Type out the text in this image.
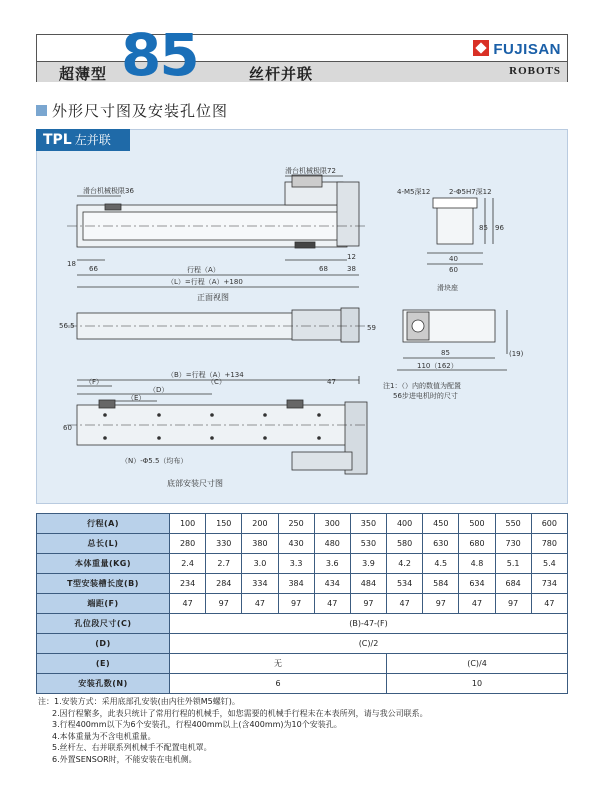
超薄型 85	丝杆并联
FUJISAN
ROBOTS
外形尺寸图及安装孔位图
滑台机械极限72
滑台机械极限36
66	行程（A）
（L）=行程（A）+180
68	38
12
18
正面视图
4-M5深12	2-Φ5H7深12
40
60
85 96
滑块座
56.5	59
85	(19)
110（162）
注1：（）内的数值为配置
56步进电机时的尺寸
（B）=行程（A）+134
（F）	（C）	47
（D）
（E）
60
（N）-Φ5.5（均布）
底部安装尺寸图
TPL 左并联
行程(A)	100	150	200	250	300	350	400	450	500	550	600
总长(L)	280	330	380	430	480	530	580	630	680	730	780
本体重量(KG)	2.4	2.7	3.0	3.3	3.6	3.9	4.2	4.5	4.8	5.1	5.4
T型安装槽长度(B)	234	284	334	384	434	484	534	584	634	684	734
端距(F)	47	97	47	97	47	97	47	97	47	97	47
孔位段尺寸(C)	(B)-47-(F)										
(D)	(C)/2										
(E)	无						(C)/4				
安装孔数(N)	6						10				
注：1.安装方式：采用底部孔安装(由内往外锁M5螺钉)。
2.因行程繁多，此表只统计了常用行程的机械手，如您需要的机械手行程未在本表所列，请与我公司联系。
3.行程400mm以下为6个安装孔，行程400mm以上(含400mm)为10个安装孔。
4.本体重量为不含电机重量。
5.丝杆左、右并联系列机械手不配置电机罩。
6.外置SENSOR时，不能安装在电机侧。
